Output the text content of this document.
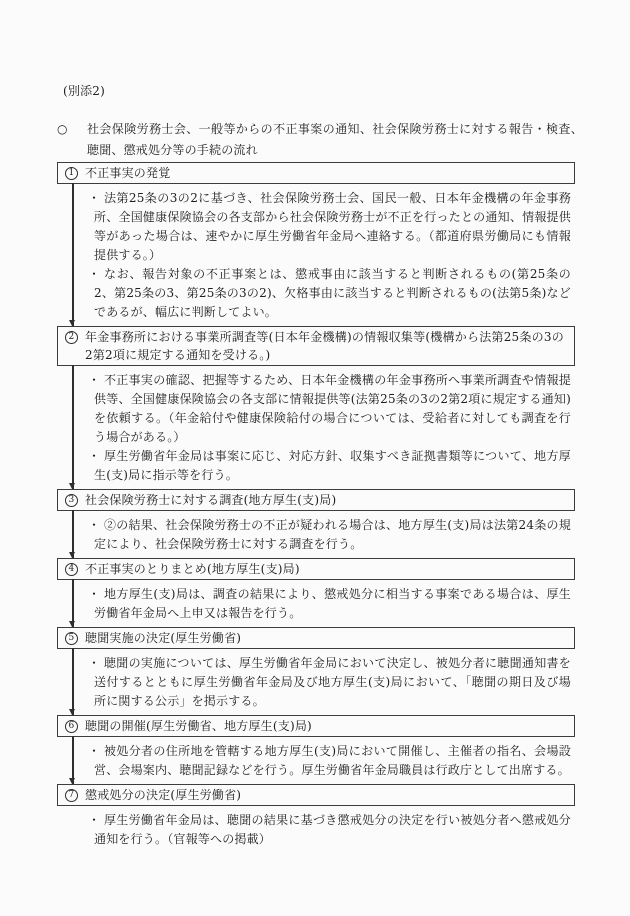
(別添2)
○	社会保険労務士会、一般等からの不正事案の通知、社会保険労務士に対する報告・検査、聴聞、懲戒処分等の手続の流れ
1 不正事実の発覚

・ 法第25条の3の2に基づき、社会保険労務士会、国民一般、日本年金機構の年金事務所、全国健康保険協会の各支部から社会保険労務士が不正を行ったとの通知、情報提供等があった場合は、速やかに厚生労働省年金局へ連絡する。（都道府県労働局にも情報提供する。）

・ なお、報告対象の不正事案とは、懲戒事由に該当すると判断されるもの(第25条の2、第25条の3、第25条の3の2)、欠格事由に該当すると判断されるもの(法第5条)などであるが、幅広に判断してよい。

2 年金事務所における事業所調査等(日本年金機構)の情報収集等(機構から法第25条の3の2第2項に規定する通知を受ける。)

・ 不正事実の確認、把握等するため、日本年金機構の年金事務所へ事業所調査や情報提供等、全国健康保険協会の各支部に情報提供等(法第25条の3の2第2項に規定する通知)を依頼する。（年金給付や健康保険給付の場合については、受給者に対しても調査を行う場合がある。）

・ 厚生労働省年金局は事案に応じ、対応方針、収集すべき証拠書類等について、地方厚生(支)局に指示等を行う。

3 社会保険労務士に対する調査(地方厚生(支)局)

・ ②の結果、社会保険労務士の不正が疑われる場合は、地方厚生(支)局は法第24条の規定により、社会保険労務士に対する調査を行う。

4 不正事実のとりまとめ(地方厚生(支)局)

・ 地方厚生(支)局は、調査の結果により、懲戒処分に相当する事案である場合は、厚生労働省年金局へ上申又は報告を行う。

5 聴聞実施の決定(厚生労働省)

・ 聴聞の実施については、厚生労働省年金局において決定し、被処分者に聴聞通知書を送付するとともに厚生労働省年金局及び地方厚生(支)局において、「聴聞の期日及び場所に関する公示」を掲示する。

6 聴聞の開催(厚生労働省、地方厚生(支)局)

・ 被処分者の住所地を管轄する地方厚生(支)局において開催し、主催者の指名、会場設営、会場案内、聴聞記録などを行う。厚生労働省年金局職員は行政庁として出席する。

7 懲戒処分の決定(厚生労働省)

・ 厚生労働省年金局は、聴聞の結果に基づき懲戒処分の決定を行い被処分者へ懲戒処分通知を行う。（官報等への掲載）
